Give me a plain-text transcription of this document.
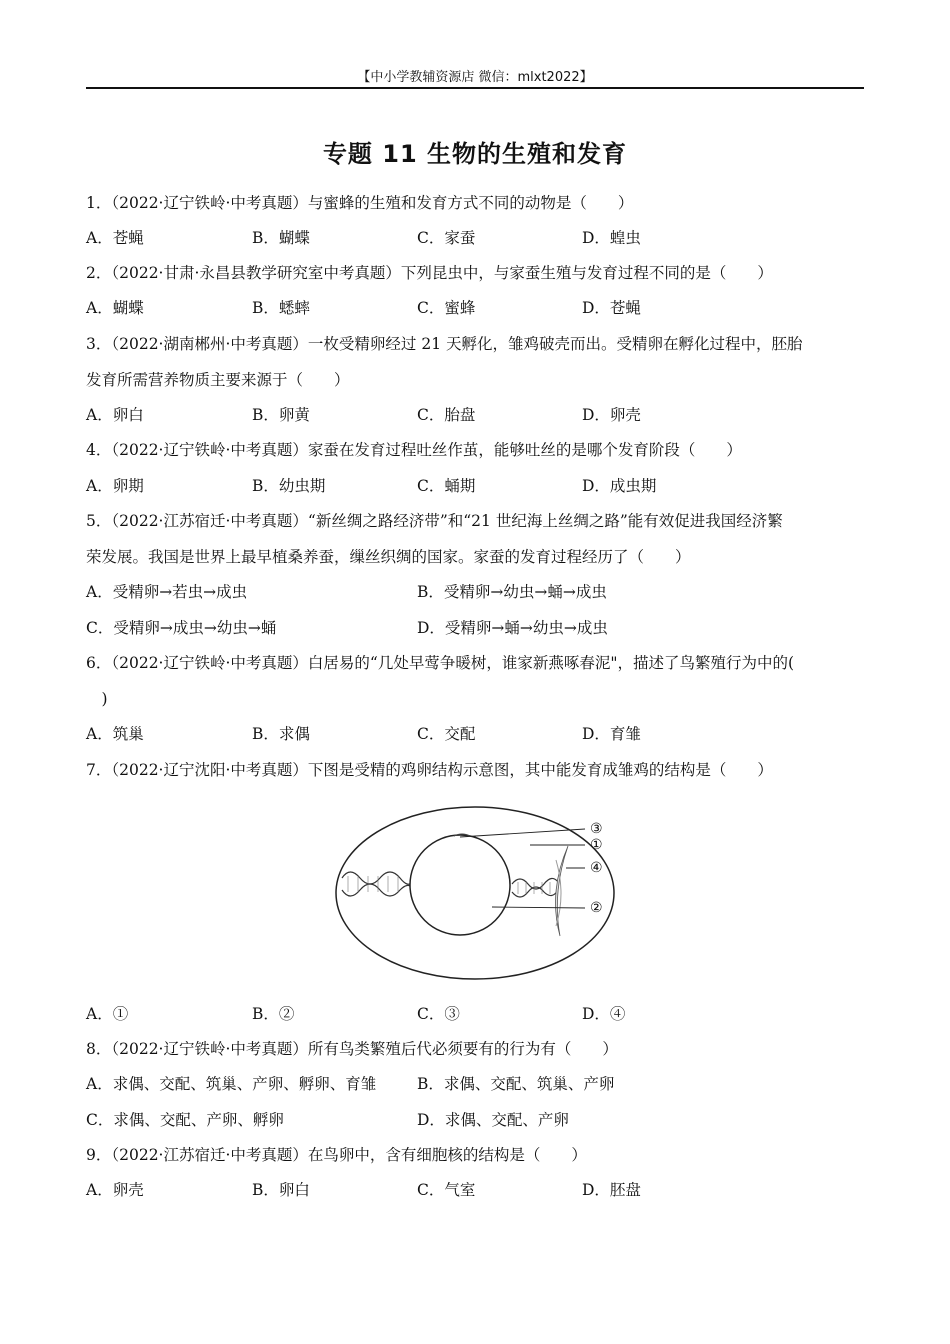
【中小学教辅资源店 微信：mlxt2022】
专题 11 生物的生殖和发育
1．（2022·辽宁铁岭·中考真题）与蜜蜂的生殖和发育方式不同的动物是（　　）
A．苍蝇	B．蝴蝶	C．家蚕	D．蝗虫
2．（2022·甘肃·永昌县教学研究室中考真题）下列昆虫中，与家蚕生殖与发育过程不同的是（　　）
A．蝴蝶	B．蟋蟀	C．蜜蜂	D．苍蝇
3．（2022·湖南郴州·中考真题）一枚受精卵经过 21 天孵化，雏鸡破壳而出。受精卵在孵化过程中，胚胎
发育所需营养物质主要来源于（　　）
A．卵白	B．卵黄	C．胎盘	D．卵壳
4．（2022·辽宁铁岭·中考真题）家蚕在发育过程吐丝作茧，能够吐丝的是哪个发育阶段（　　）
A．卵期	B．幼虫期	C．蛹期	D．成虫期
5．（2022·江苏宿迁·中考真题）“新丝绸之路经济带”和“21 世纪海上丝绸之路”能有效促进我国经济繁
荣发展。我国是世界上最早植桑养蚕，缫丝织绸的国家。家蚕的发育过程经历了（　　）
A．受精卵→若虫→成虫	B．受精卵→幼虫→蛹→成虫
C．受精卵→成虫→幼虫→蛹	D．受精卵→蛹→幼虫→成虫
6．（2022·辽宁铁岭·中考真题）白居易的“几处早莺争暖树，谁家新燕啄春泥"，描述了鸟繁殖行为中的(
　)
A．筑巢	B．求偶	C．交配	D．育雏
7．（2022·辽宁沈阳·中考真题）下图是受精的鸡卵结构示意图，其中能发育成雏鸡的结构是（　　）
③
①
④
②
A．①	B．②	C．③	D．④
8．（2022·辽宁铁岭·中考真题）所有鸟类繁殖后代必须要有的行为有（　　）
A．求偶、交配、筑巢、产卵、孵卵、育雏	B．求偶、交配、筑巢、产卵
C．求偶、交配、产卵、孵卵	D．求偶、交配、产卵
9．（2022·江苏宿迁·中考真题）在鸟卵中，含有细胞核的结构是（　　）
A．卵壳	B．卵白	C．气室	D．胚盘
